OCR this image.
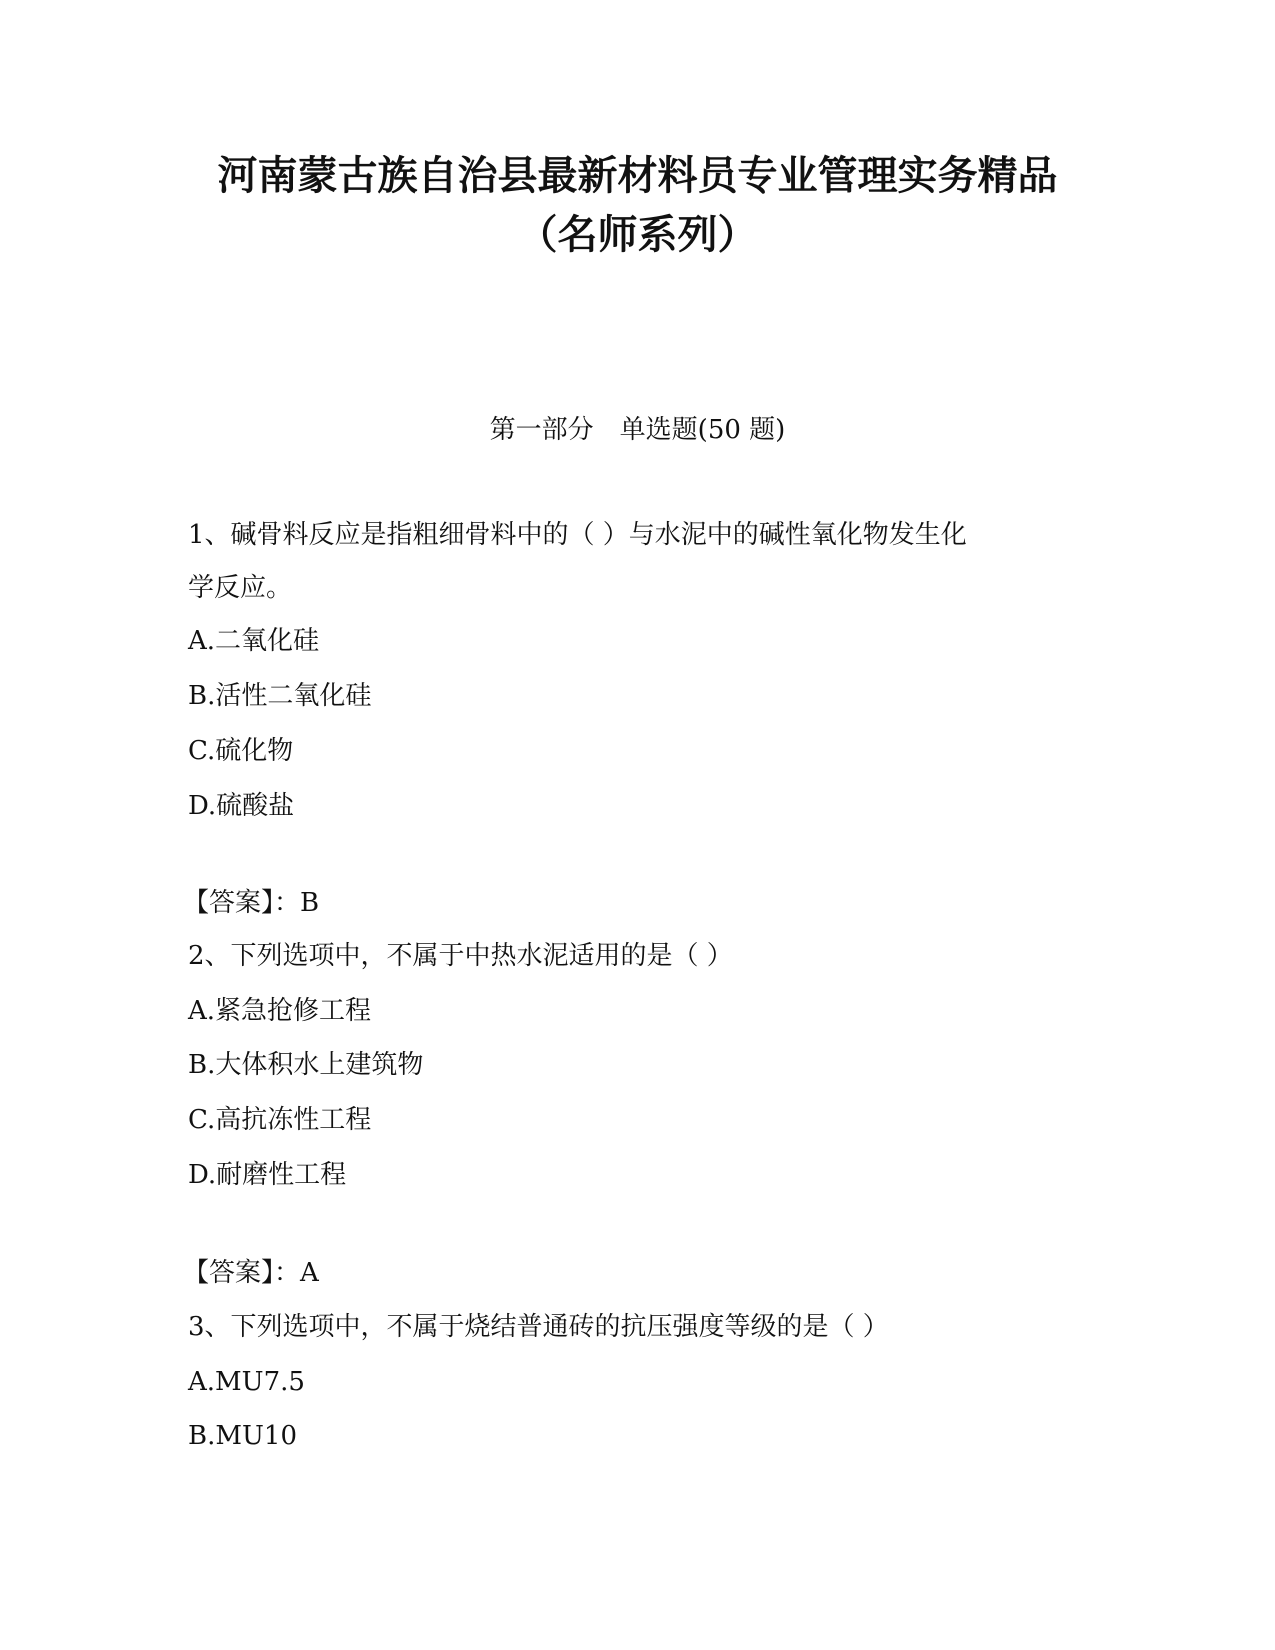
河南蒙古族自治县最新材料员专业管理实务精品
（名师系列）
第一部分　单选题(50 题)
1、碱骨料反应是指粗细骨料中的（ ）与水泥中的碱性氧化物发生化
学反应。
A.二氧化硅
B.活性二氧化硅
C.硫化物
D.硫酸盐
【答案】：B
2、下列选项中，不属于中热水泥适用的是（ ）
A.紧急抢修工程
B.大体积水上建筑物
C.高抗冻性工程
D.耐磨性工程
【答案】：A
3、下列选项中，不属于烧结普通砖的抗压强度等级的是（ ）
A.MU7.5
B.MU10
